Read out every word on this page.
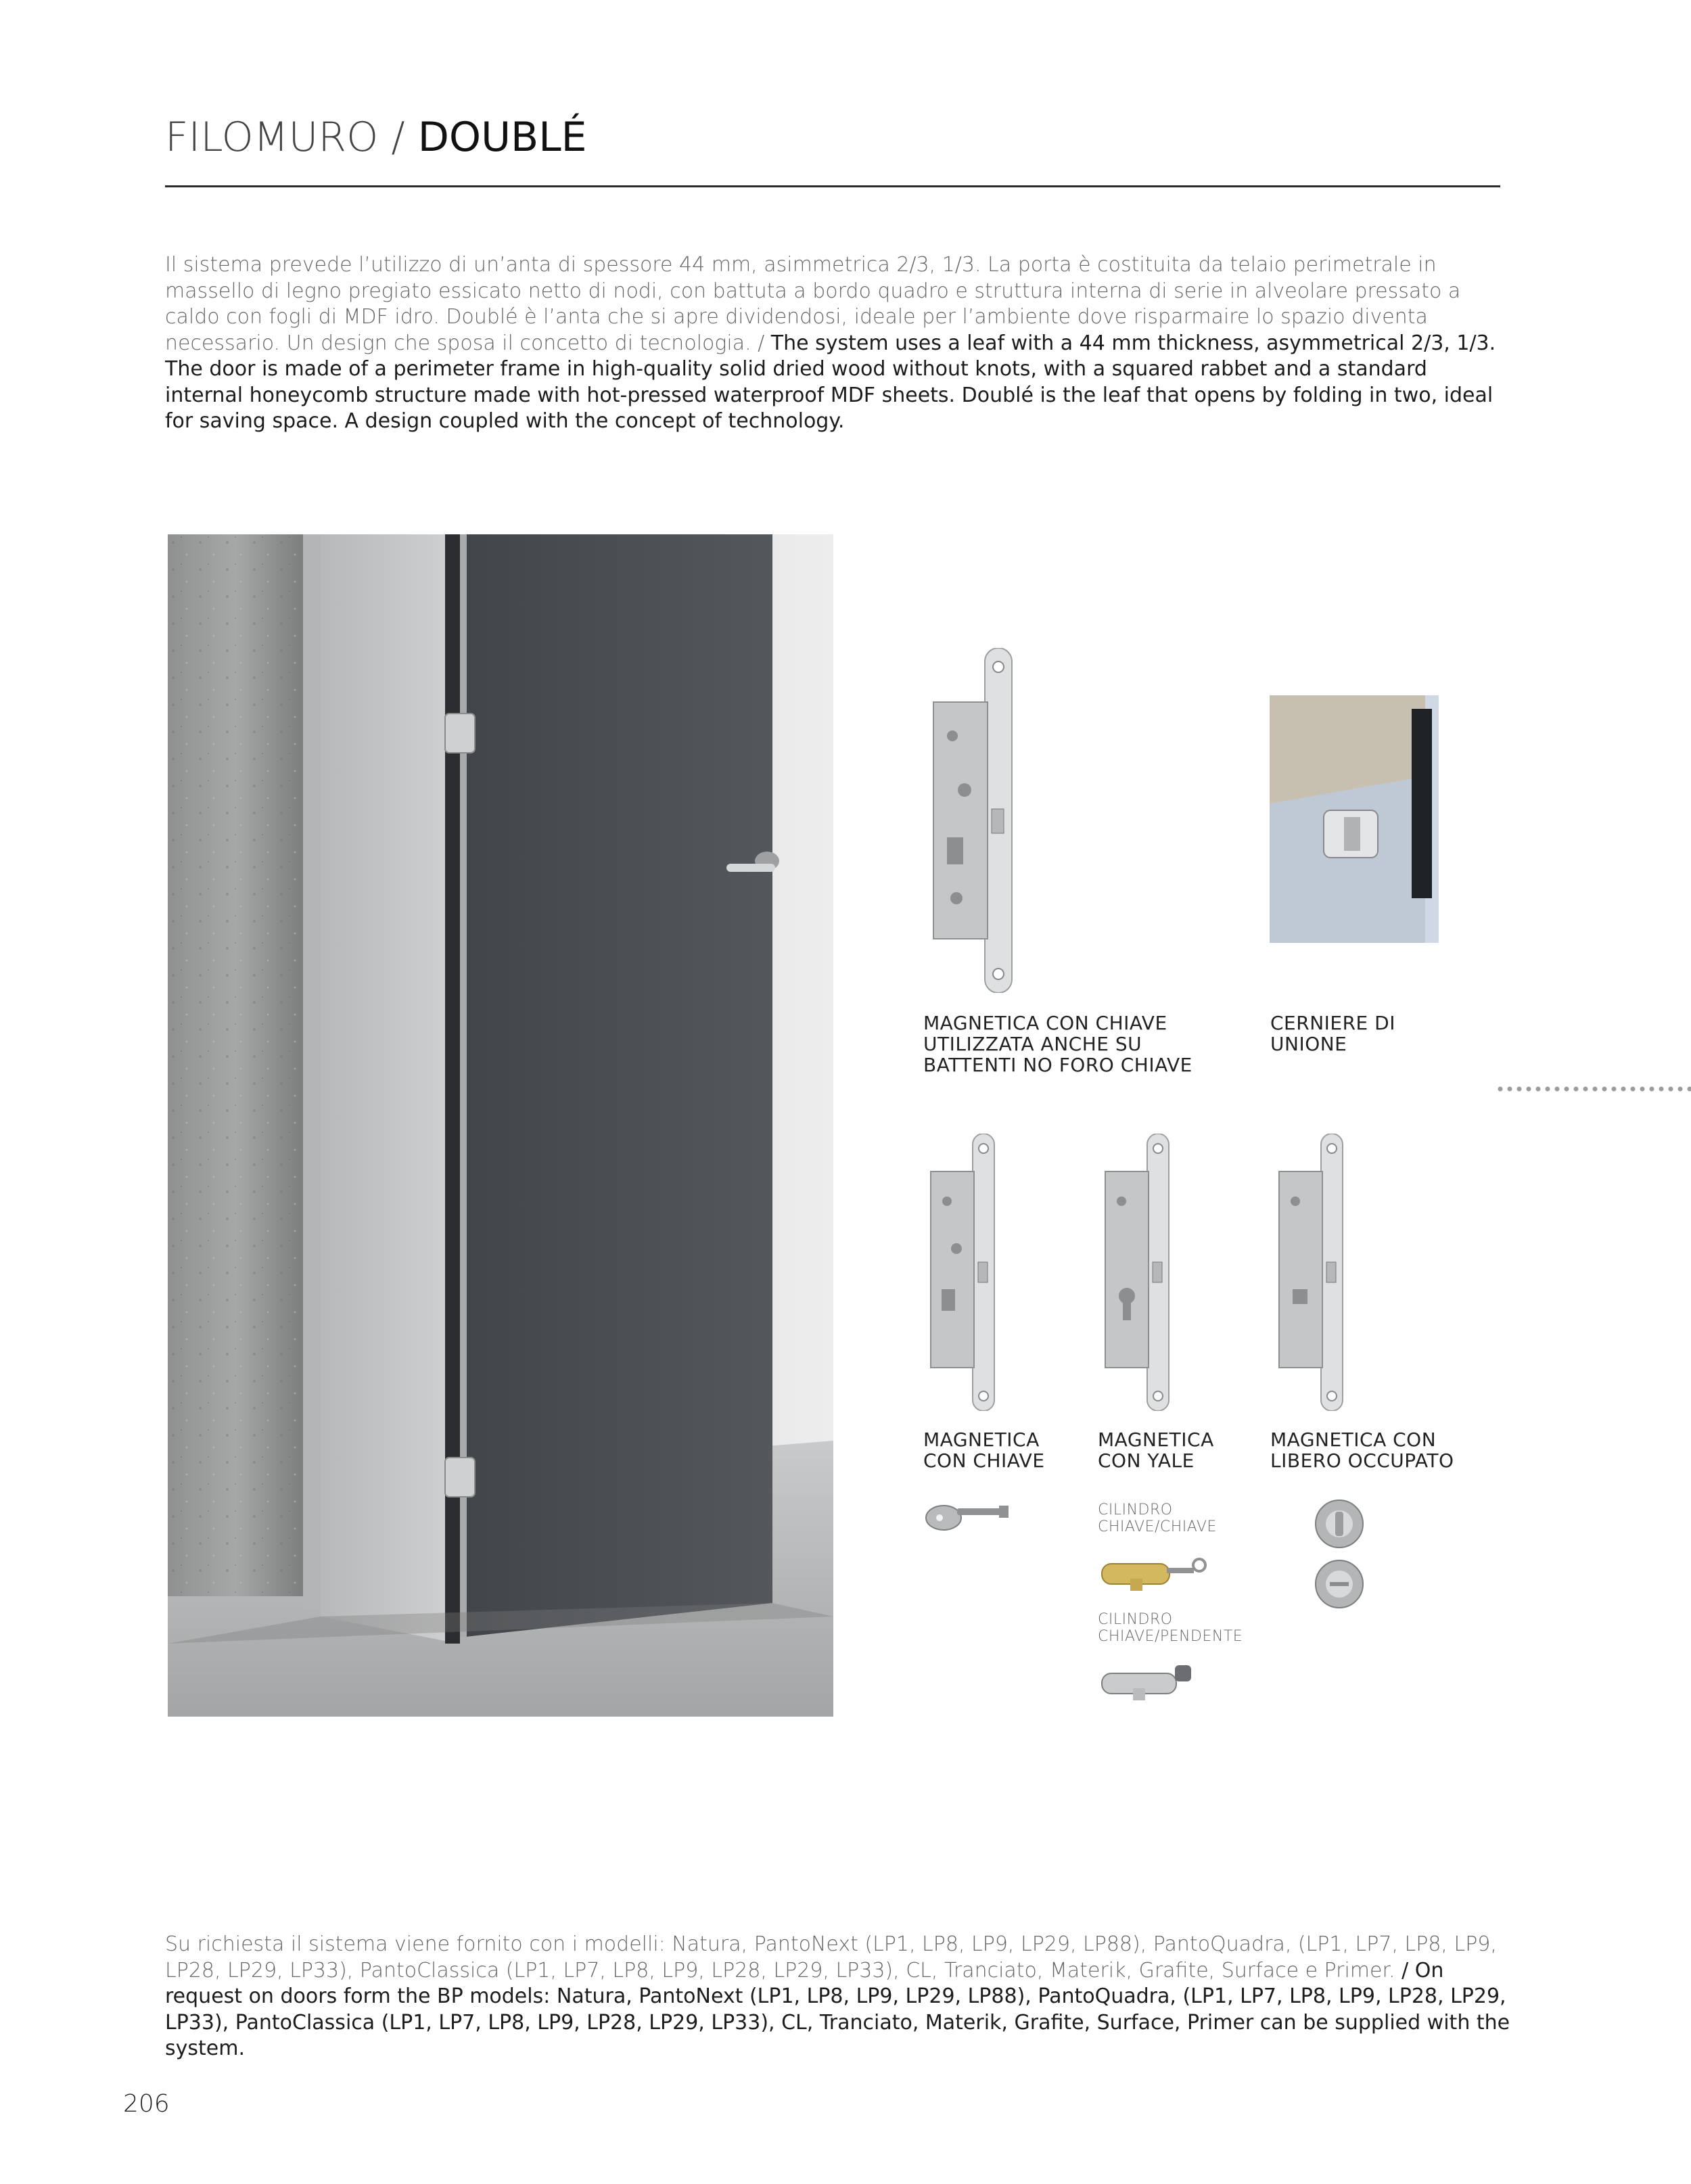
FILOMURO / DOUBLÉ
Il sistema prevede l’utilizzo di un’anta di spessore 44 mm, asimmetrica 2/3, 1/3. La porta è costituita da telaio perimetrale in massello di legno pregiato essicato netto di nodi, con battuta a bordo quadro e struttura interna di serie in alveolare pressato a caldo con fogli di MDF idro. Doublé è l’anta che si apre dividendosi, ideale per l’ambiente dove risparmaire lo spazio diventa necessario. Un design che sposa il concetto di tecnologia. / The system uses a leaf with a 44 mm thickness, asymmetrical 2/3, 1/3. The door is made of a perimeter frame in high-quality solid dried wood without knots, with a squared rabbet and a standard internal honeycomb structure made with hot-pressed waterproof MDF sheets. Doublé is the leaf that opens by folding in two, ideal for saving space. A design coupled with the concept of technology.
MAGNETICA CON CHIAVE UTILIZZATA ANCHE SU BATTENTI NO FORO CHIAVE
CERNIERE DI UNIONE
MAGNETICA CON CHIAVE
MAGNETICA CON YALE
MAGNETICA CON LIBERO OCCUPATO
CILINDRO CHIAVE/CHIAVE
CILINDRO CHIAVE/PENDENTE
Su richiesta il sistema viene fornito con i modelli: Natura, PantoNext (LP1, LP8, LP9, LP29, LP88), PantoQuadra, (LP1, LP7, LP8, LP9, LP28, LP29, LP33), PantoClassica (LP1, LP7, LP8, LP9, LP28, LP29, LP33), CL, Tranciato, Materik, Grafite, Surface e Primer. / On request on doors form the BP models: Natura, PantoNext (LP1, LP8, LP9, LP29, LP88), PantoQuadra, (LP1, LP7, LP8, LP9, LP28, LP29, LP33), PantoClassica (LP1, LP7, LP8, LP9, LP28, LP29, LP33), CL, Tranciato, Materik, Grafite, Surface, Primer can be supplied with the system.
206
